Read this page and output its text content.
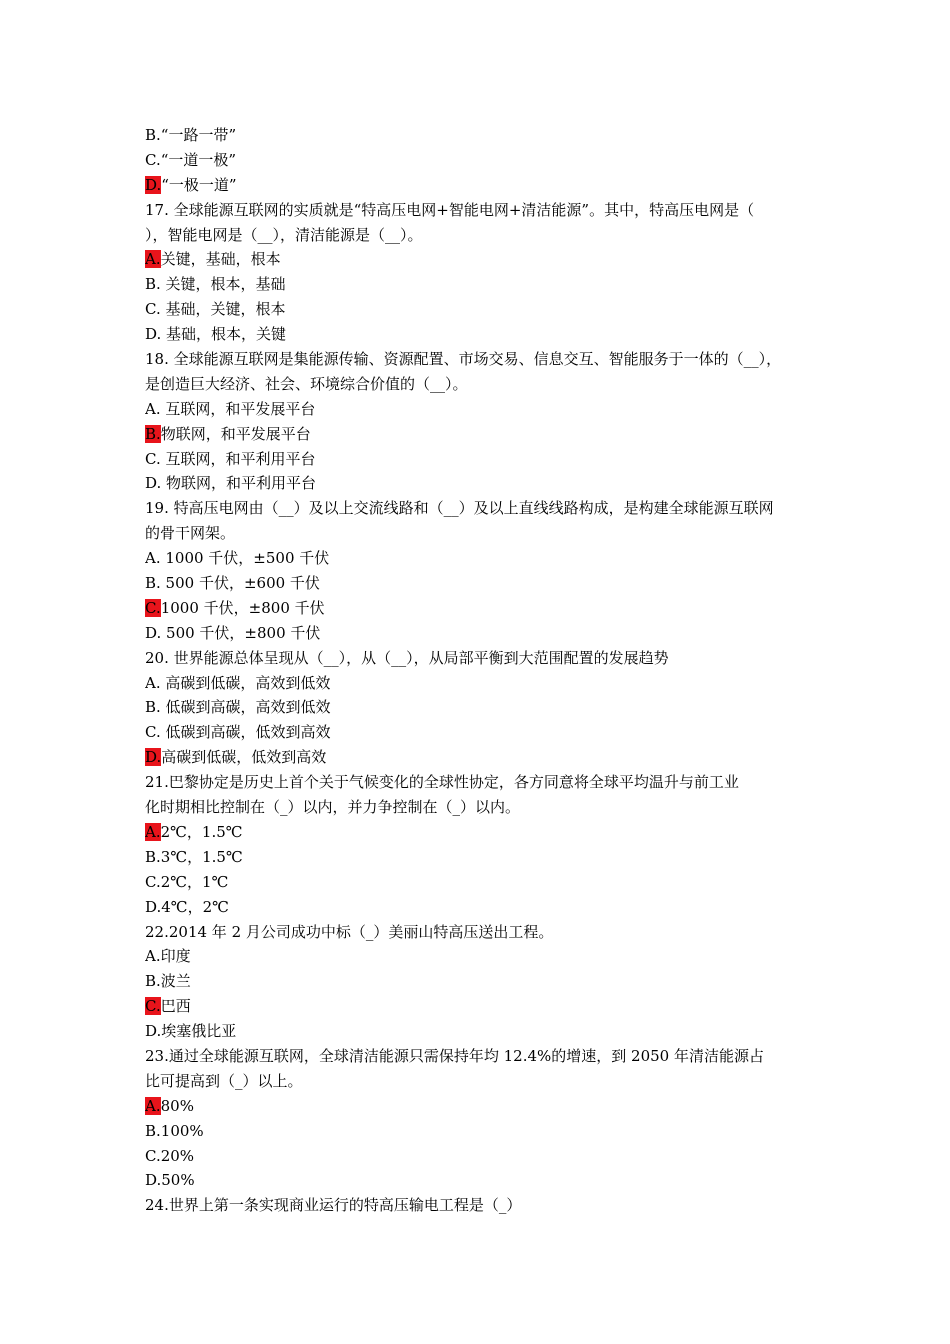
B.“一路一带”
C.“一道一极”
D.“一极一道”
17. 全球能源互联网的实质就是“特高压电网+智能电网+清洁能源”。其中，特高压电网是（
），智能电网是（__），清洁能源是（__）。
A.关键，基础，根本
B. 关键，根本，基础
C. 基础，关键，根本
D. 基础，根本，关键
18. 全球能源互联网是集能源传输、资源配置、市场交易、信息交互、智能服务于一体的（__），
是创造巨大经济、社会、环境综合价值的（__）。
A. 互联网，和平发展平台
B.物联网，和平发展平台
C. 互联网，和平利用平台
D. 物联网，和平利用平台
19. 特高压电网由（__）及以上交流线路和（__）及以上直线线路构成，是构建全球能源互联网
的骨干网架。
A. 1000 千伏，±500 千伏
B. 500 千伏，±600 千伏
C.1000 千伏，±800 千伏
D. 500 千伏，±800 千伏
20. 世界能源总体呈现从（__），从（__），从局部平衡到大范围配置的发展趋势
A. 高碳到低碳，高效到低效
B. 低碳到高碳，高效到低效
C. 低碳到高碳，低效到高效
D.高碳到低碳，低效到高效
21.巴黎协定是历史上首个关于气候变化的全球性协定，各方同意将全球平均温升与前工业
化时期相比控制在（_）以内，并力争控制在（_）以内。
A.2℃，1.5℃
B.3℃，1.5℃
C.2℃，1℃
D.4℃，2℃
22.2014 年 2 月公司成功中标（_）美丽山特高压送出工程。
A.印度
B.波兰
C.巴西
D.埃塞俄比亚
23.通过全球能源互联网，全球清洁能源只需保持年均 12.4%的增速，到 2050 年清洁能源占
比可提高到（_）以上。
A.80%
B.100%
C.20%
D.50%
24.世界上第一条实现商业运行的特高压输电工程是（_）
